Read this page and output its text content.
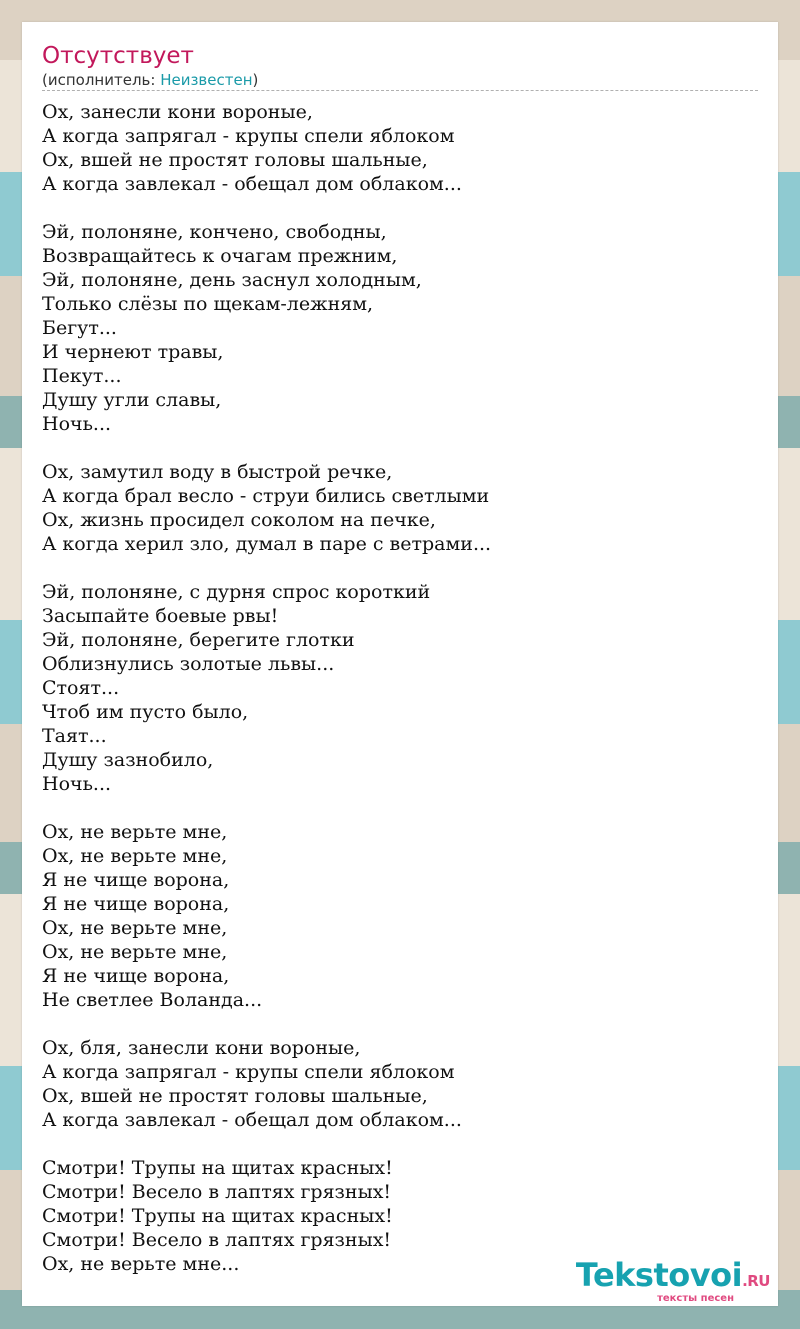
Отсутствует
(исполнитель: Неизвестен)
Ох, занесли кони вороные,
А когда запрягал - крупы спели яблоком
Ох, вшей не простят головы шальные,
А когда завлекал - обещал дом облаком...
Эй, полоняне, кончено, свободны,
Возвращайтесь к очагам прежним,
Эй, полоняне, день заснул холодным,
Только слёзы по щекам-лежням,
Бегут...
И чернеют травы,
Пекут...
Душу угли славы,
Ночь...
Ох, замутил воду в быстрой речке,
А когда брал весло - струи бились светлыми
Ох, жизнь просидел соколом на печке,
А когда херил зло, думал в паре с ветрами...
Эй, полоняне, с дурня спрос короткий
Засыпайте боевые рвы!
Эй, полоняне, берегите глотки
Облизнулись золотые львы...
Стоят...
Чтоб им пусто было,
Таят...
Душу зазнобило,
Ночь...
Ох, не верьте мне,
Ох, не верьте мне,
Я не чище ворона,
Я не чище ворона,
Ох, не верьте мне,
Ох, не верьте мне,
Я не чище ворона,
Не светлее Воланда...
Ох, бля, занесли кони вороные,
А когда запрягал - крупы спели яблоком
Ох, вшей не простят головы шальные,
А когда завлекал - обещал дом облаком...
Смотри! Трупы на щитах красных!
Смотри! Весело в лаптях грязных!
Смотри! Трупы на щитах красных!
Смотри! Весело в лаптях грязных!
Ох, не верьте мне...	Tekstovoi.RU
тексты песен
